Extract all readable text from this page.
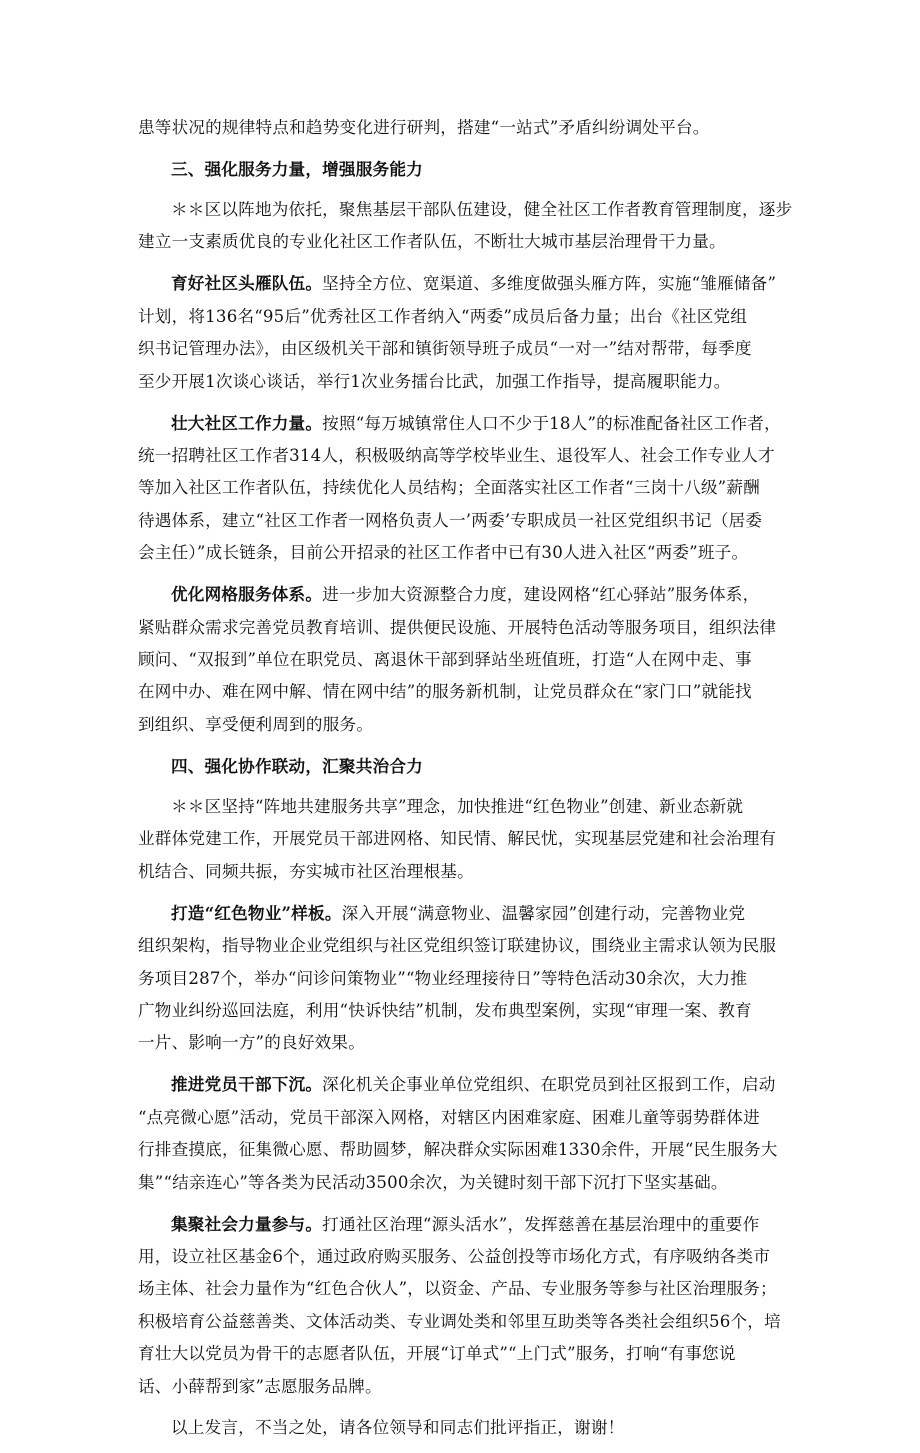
患等状况的规律特点和趋势变化进行研判，搭建“一站式”矛盾纠纷调处平台。
三、强化服务力量，增强服务能力
＊＊区以阵地为依托，聚焦基层干部队伍建设，健全社区工作者教育管理制度，逐步
建立一支素质优良的专业化社区工作者队伍，不断壮大城市基层治理骨干力量。
育好社区头雁队伍。坚持全方位、宽渠道、多维度做强头雁方阵，实施“雏雁储备”
计划，将136名“95后”优秀社区工作者纳入“两委”成员后备力量；出台《社区党组
织书记管理办法》，由区级机关干部和镇街领导班子成员“一对一”结对帮带，每季度
至少开展1次谈心谈话，举行1次业务擂台比武，加强工作指导，提高履职能力。
壮大社区工作力量。按照“每万城镇常住人口不少于18人”的标准配备社区工作者，
统一招聘社区工作者314人，积极吸纳高等学校毕业生、退役军人、社会工作专业人才
等加入社区工作者队伍，持续优化人员结构；全面落实社区工作者“三岗十八级”薪酬
待遇体系，建立“社区工作者一网格负责人一’两委’专职成员一社区党组织书记（居委
会主任）”成长链条，目前公开招录的社区工作者中已有30人进入社区“两委”班子。
优化网格服务体系。进一步加大资源整合力度，建设网格“红心驿站”服务体系，
紧贴群众需求完善党员教育培训、提供便民设施、开展特色活动等服务项目，组织法律
顾问、“双报到”单位在职党员、离退休干部到驿站坐班值班，打造“人在网中走、事
在网中办、难在网中解、情在网中结”的服务新机制，让党员群众在“家门口”就能找
到组织、享受便利周到的服务。
四、强化协作联动，汇聚共治合力
＊＊区坚持“阵地共建服务共享”理念，加快推进“红色物业”创建、新业态新就
业群体党建工作，开展党员干部进网格、知民情、解民忧，实现基层党建和社会治理有
机结合、同频共振，夯实城市社区治理根基。
打造“红色物业”样板。深入开展“满意物业、温馨家园”创建行动，完善物业党
组织架构，指导物业企业党组织与社区党组织签订联建协议，围绕业主需求认领为民服
务项目287个，举办“问诊问策物业”“物业经理接待日”等特色活动30余次，大力推
广物业纠纷巡回法庭，利用“快诉快结”机制，发布典型案例，实现“审理一案、教育
一片、影响一方”的良好效果。
推进党员干部下沉。深化机关企事业单位党组织、在职党员到社区报到工作，启动
“点亮微心愿”活动，党员干部深入网格，对辖区内困难家庭、困难儿童等弱势群体进
行排查摸底，征集微心愿、帮助圆梦，解决群众实际困难1330余件，开展“民生服务大
集”“结亲连心”等各类为民活动3500余次，为关键时刻干部下沉打下坚实基础。
集聚社会力量参与。打通社区治理“源头活水”，发挥慈善在基层治理中的重要作
用，设立社区基金6个，通过政府购买服务、公益创投等市场化方式，有序吸纳各类市
场主体、社会力量作为“红色合伙人”，以资金、产品、专业服务等参与社区治理服务；
积极培育公益慈善类、文体活动类、专业调处类和邻里互助类等各类社会组织56个，培
育壮大以党员为骨干的志愿者队伍，开展“订单式”“上门式”服务，打响“有事您说
话、小薛帮到家”志愿服务品牌。
以上发言，不当之处，请各位领导和同志们批评指正，谢谢！
